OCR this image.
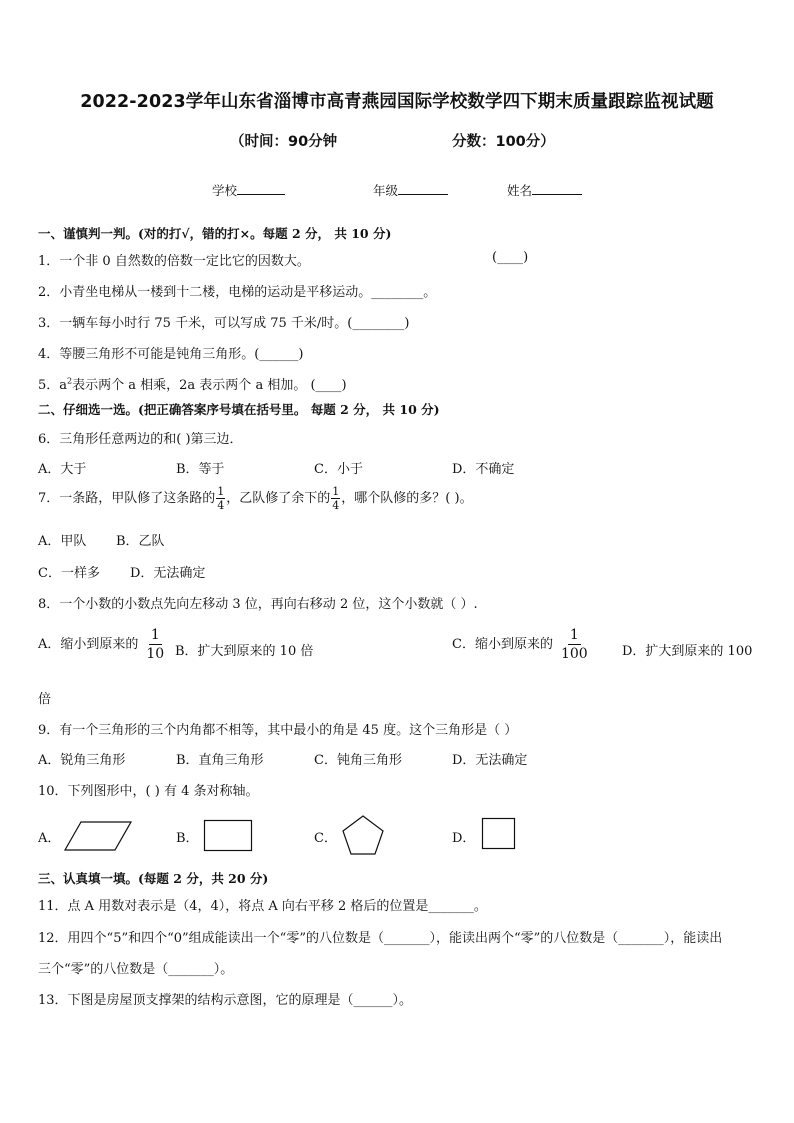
2022-2023学年山东省淄博市高青燕园国际学校数学四下期末质量跟踪监视试题
（时间：90分钟	分数：100分）
学校	年级	姓名
一、谨慎判一判。(对的打√，错的打×。每题 2 分， 共 10 分)
1．一个非 0 自然数的倍数一定比它的因数大。	(____)
2．小青坐电梯从一楼到十二楼，电梯的运动是平移运动。________。
3．一辆车每小时行 75 千米，可以写成 75 千米/时。(________)
4．等腰三角形不可能是钝角三角形。(______)
5．$a^2$表示两个 a 相乘，2a 表示两个 a 相加。 (____)
二、仔细选一选。(把正确答案序号填在括号里。 每题 2 分， 共 10 分)
6．三角形任意两边的和( )第三边．
A．大于	B．等于	C．小于	D．不确定
7．一条路，甲队修了这条路的 $\frac{1}{4}$ ，乙队修了余下的 $\frac{1}{4}$ ，哪个队修的多？( )。
A．甲队 B．乙队
C．一样多 D．无法确定
8．一个小数的小数点先向左移动 3 位，再向右移动 2 位，这个小数就（ ）.
A．缩小到原来的 $\frac{1}{10}$ B．扩大到原来的 10 倍	C．缩小到原来的 $\frac{1}{100}$	D．扩大到原来的 100
倍
9．有一个三角形的三个内角都不相等，其中最小的角是 45 度。这个三角形是（ ）
A．锐角三角形	B．直角三角形	C．钝角三角形	D．无法确定
10．下列图形中，( ) 有 4 条对称轴。
A．	B．	C．	D．
三、认真填一填。(每题 2 分，共 20 分)
11．点 A 用数对表示是（4，4），将点 A 向右平移 2 格后的位置是_______。
12．用四个“5”和四个“0”组成能读出一个“零”的八位数是（_______），能读出两个“零”的八位数是（_______），能读出
三个“零”的八位数是（_______）。
13．下图是房屋顶支撑架的结构示意图，它的原理是（______）。
